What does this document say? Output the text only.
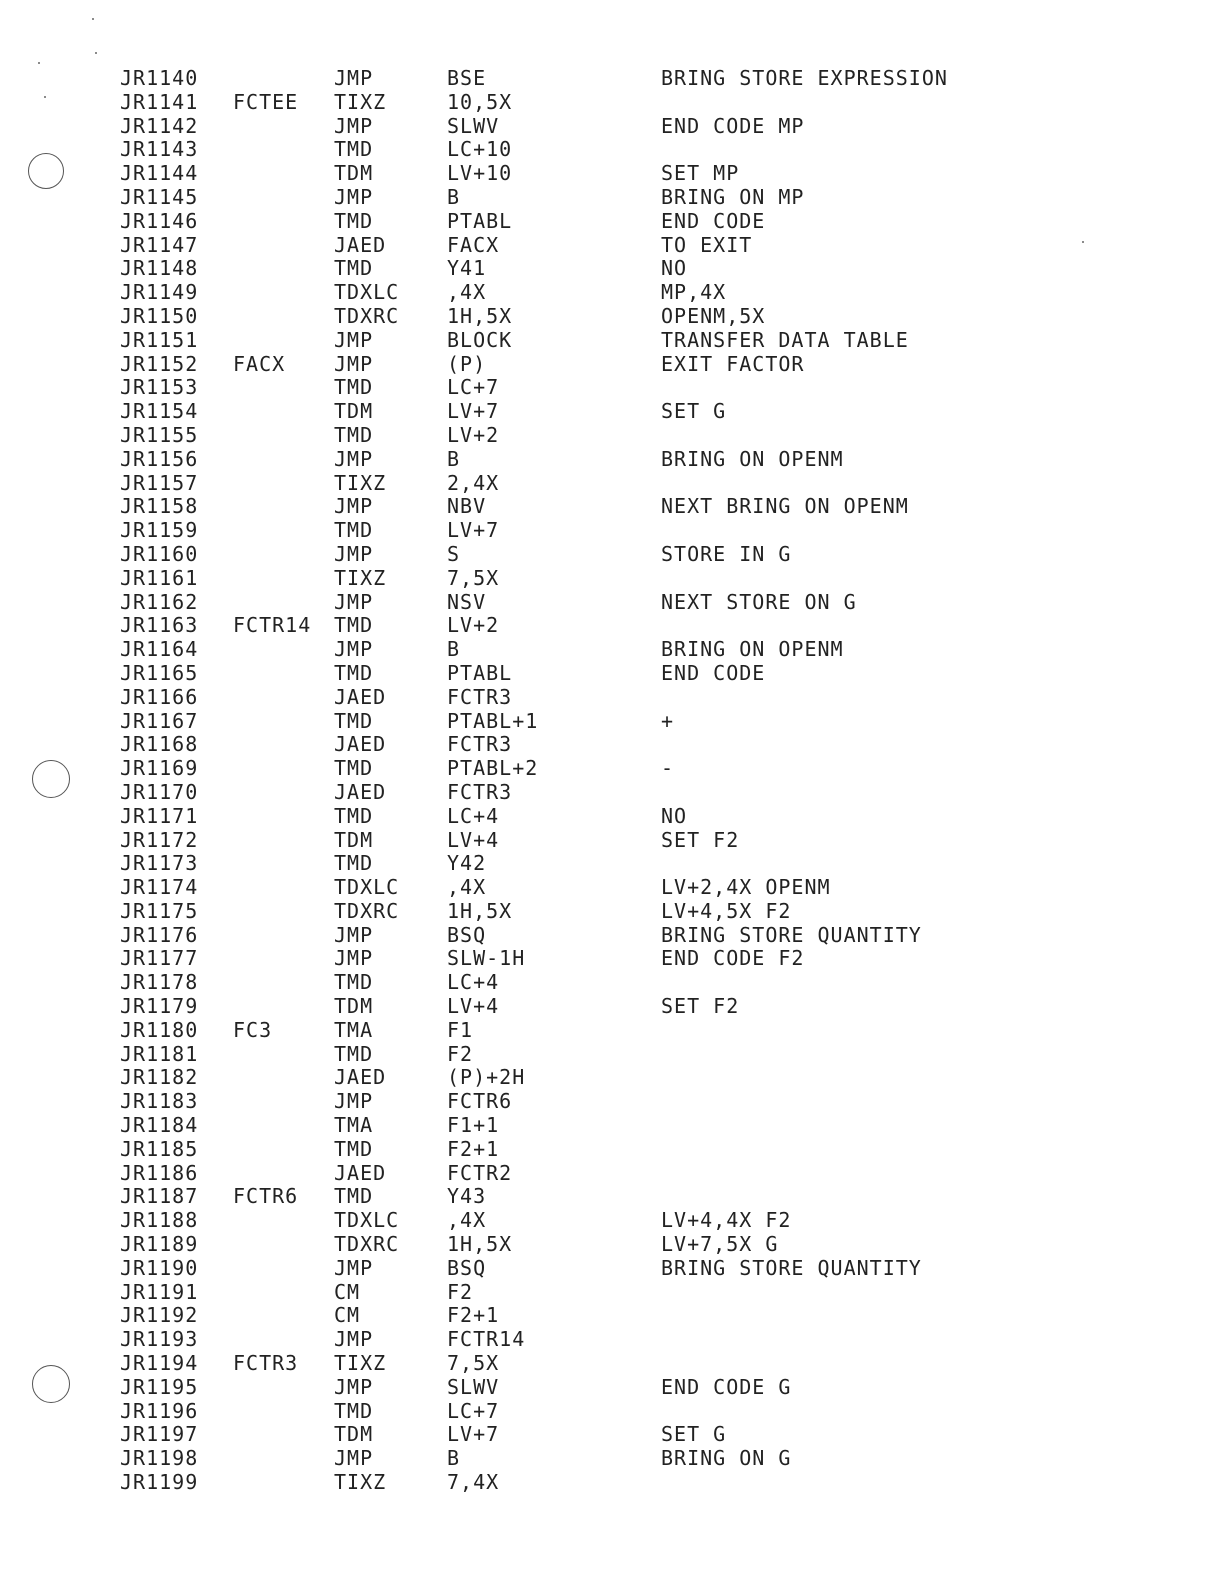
JR1140	JMP	BSE	BRING STORE EXPRESSION
JR1141 FCTEE TIXZ	10,5X
JR1142	JMP	SLWV	END CODE MP
JR1143	TMD	LC+10
JR1144	TDM	LV+10	SET MP
JR1145	JMP	B	BRING ON MP
JR1146	TMD	PTABL	END CODE
JR1147	JAED	FACX	TO EXIT
JR1148	TMD	Y41	NO
JR1149	TDXLC ,4X	MP,4X
JR1150	TDXRC 1H,5X	OPENM,5X
JR1151	JMP	BLOCK	TRANSFER DATA TABLE
JR1152 FACX JMP	(P)	EXIT FACTOR
JR1153	TMD	LC+7
JR1154	TDM	LV+7	SET G
JR1155	TMD	LV+2
JR1156	JMP	B	BRING ON OPENM
JR1157	TIXZ	2,4X
JR1158	JMP	NBV	NEXT BRING ON OPENM
JR1159	TMD	LV+7
JR1160	JMP	S	STORE IN G
JR1161	TIXZ	7,5X
JR1162	JMP	NSV	NEXT STORE ON G
JR1163 FCTR14 TMD	LV+2
JR1164	JMP	B	BRING ON OPENM
JR1165	TMD	PTABL	END CODE
JR1166	JAED	FCTR3
JR1167	TMD	PTABL+1	+
JR1168	JAED	FCTR3
JR1169	TMD	PTABL+2	-
JR1170	JAED	FCTR3
JR1171	TMD	LC+4	NO
JR1172	TDM	LV+4	SET F2
JR1173	TMD	Y42
JR1174	TDXLC ,4X	LV+2,4X OPENM
JR1175	TDXRC 1H,5X	LV+4,5X F2
JR1176	JMP	BSQ	BRING STORE QUANTITY
JR1177	JMP	SLW-1H	END CODE F2
JR1178	TMD	LC+4
JR1179	TDM	LV+4	SET F2
JR1180 FC3	TMA	F1
JR1181	TMD	F2
JR1182	JAED	(P)+2H
JR1183	JMP	FCTR6
JR1184	TMA	F1+1
JR1185	TMD	F2+1
JR1186	JAED	FCTR2
JR1187 FCTR6 TMD	Y43
JR1188	TDXLC ,4X	LV+4,4X F2
JR1189	TDXRC 1H,5X	LV+7,5X G
JR1190	JMP	BSQ	BRING STORE QUANTITY
JR1191	CM	F2
JR1192	CM	F2+1
JR1193	JMP	FCTR14
JR1194 FCTR3 TIXZ	7,5X
JR1195	JMP	SLWV	END CODE G
JR1196	TMD	LC+7
JR1197	TDM	LV+7	SET G
JR1198	JMP	B	BRING ON G
JR1199	TIXZ	7,4X
